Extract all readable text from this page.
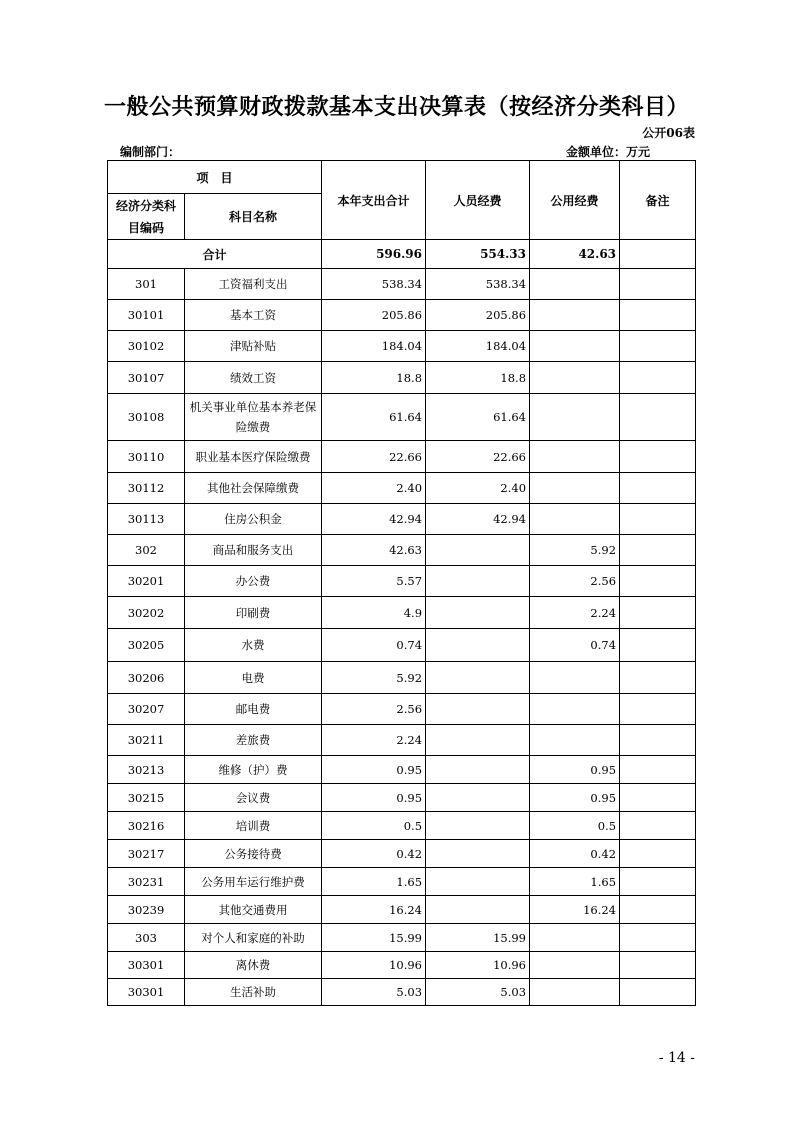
一般公共预算财政拨款基本支出决算表（按经济分类科目）
公开06表
编制部门：	金额单位：万元
项　目		本年支出合计	人员经费	公用经费	备注
经济分类科目编码	科目名称				
合计		596.96	554.33	42.63	
301	工资福利支出	538.34	538.34		
30101	基本工资	205.86	205.86		
30102	津贴补贴	184.04	184.04		
30107	绩效工资	18.8	18.8		
30108	机关事业单位基本养老保险缴费	61.64	61.64		
30110	职业基本医疗保险缴费	22.66	22.66		
30112	其他社会保障缴费	2.40	2.40		
30113	住房公积金	42.94	42.94		
302	商品和服务支出	42.63		5.92	
30201	办公费	5.57		2.56	
30202	印刷费	4.9		2.24	
30205	水费	0.74		0.74	
30206	电费	5.92			
30207	邮电费	2.56			
30211	差旅费	2.24			
30213	维修（护）费	0.95		0.95	
30215	会议费	0.95		0.95	
30216	培训费	0.5		0.5	
30217	公务接待费	0.42		0.42	
30231	公务用车运行维护费	1.65		1.65	
30239	其他交通费用	16.24		16.24	
303	对个人和家庭的补助	15.99	15.99		
30301	离休费	10.96	10.96		
30301	生活补助	5.03	5.03		
- 14 -
